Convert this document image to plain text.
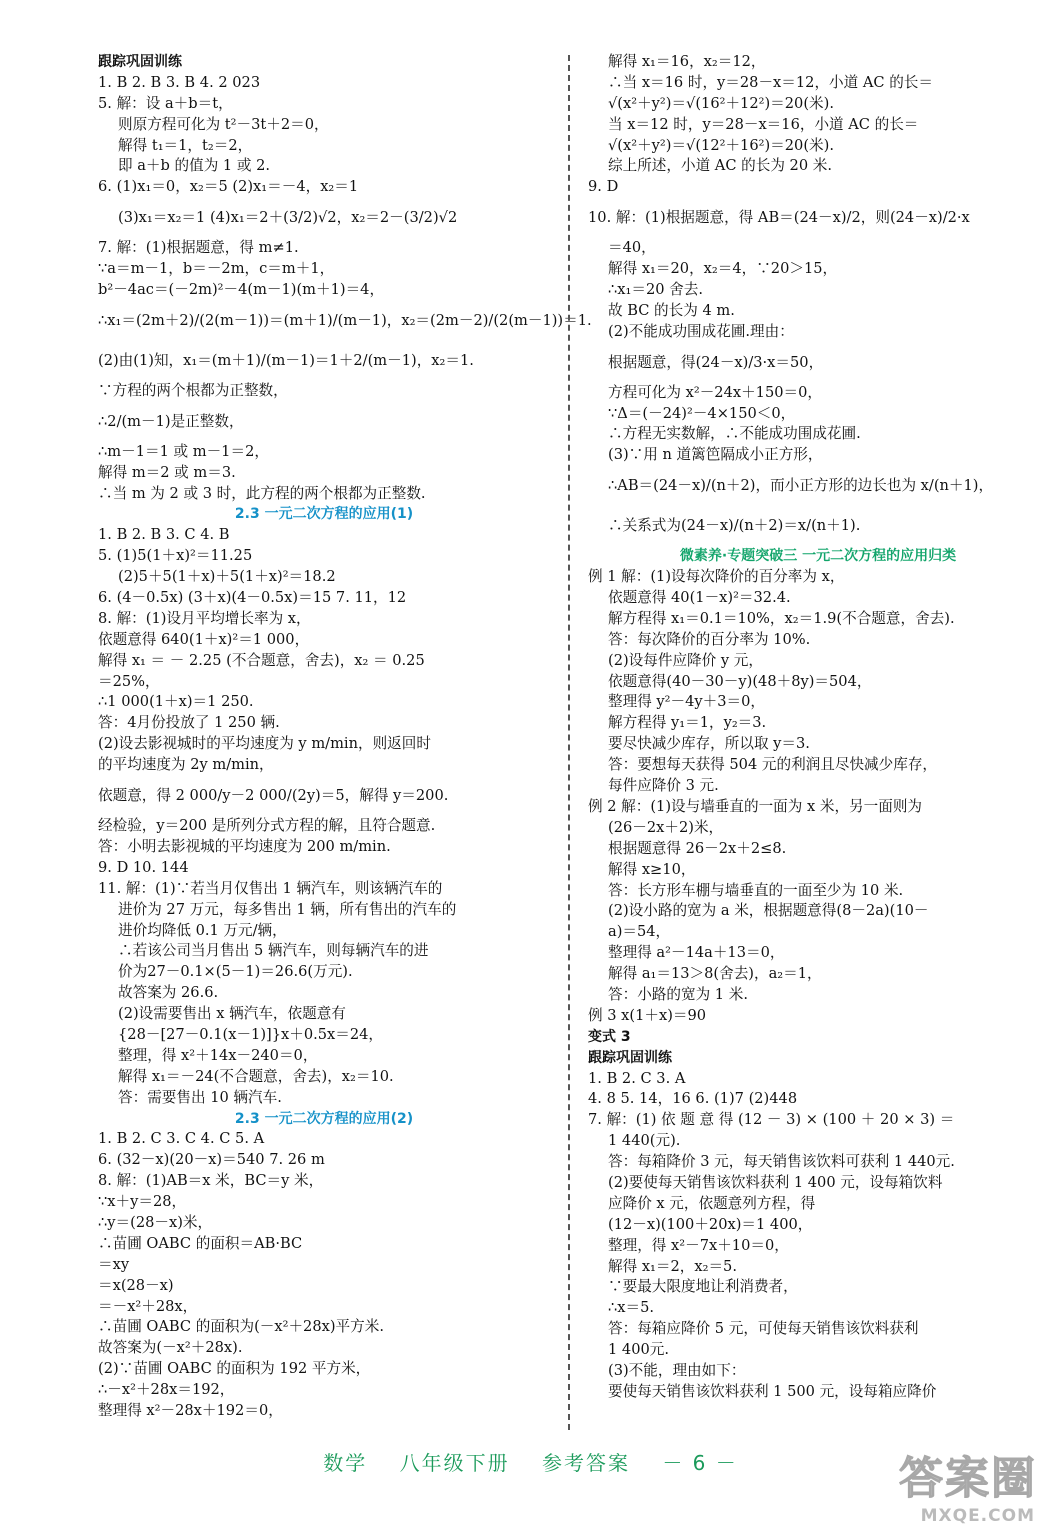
跟踪巩固训练
1. B 2. B 3. B 4. 2 023
5. 解：设 a＋b＝t，
则原方程可化为 t²－3t＋2＝0，
解得 t₁＝1，t₂＝2，
即 a＋b 的值为 1 或 2.
6. (1)x₁＝0，x₂＝5 (2)x₁＝－4，x₂＝1
(3)x₁＝x₂＝1 (4)x₁＝2＋(3/2)√2，x₂＝2－(3/2)√2
7. 解：(1)根据题意，得 m≠1.
∵a＝m－1，b＝－2m，c＝m＋1，
b²－4ac＝(－2m)²－4(m－1)(m＋1)＝4，
∴x₁＝(2m＋2)/(2(m－1))＝(m＋1)/(m－1)，x₂＝(2m－2)/(2(m－1))＝1.
(2)由(1)知，x₁＝(m＋1)/(m－1)＝1＋2/(m－1)，x₂＝1.
∵方程的两个根都为正整数，
∴2/(m－1)是正整数，
∴m－1＝1 或 m－1＝2，
解得 m＝2 或 m＝3.
∴当 m 为 2 或 3 时，此方程的两个根都为正整数.
2.3 一元二次方程的应用(1)
1. B 2. B 3. C 4. B
5. (1)5(1＋x)²＝11.25
(2)5＋5(1＋x)＋5(1＋x)²＝18.2
6. (4－0.5x) (3＋x)(4－0.5x)＝15 7. 11，12
8. 解：(1)设月平均增长率为 x，
依题意得 640(1＋x)²＝1 000，
解得 x₁ ＝ － 2.25 (不合题意，舍去)，x₂ ＝ 0.25
＝25%，
∴1 000(1＋x)＝1 250.
答：4月份投放了 1 250 辆.
(2)设去影视城时的平均速度为 y m/min，则返回时
的平均速度为 2y m/min，
依题意，得 2 000/y－2 000/(2y)＝5，解得 y＝200.
经检验，y＝200 是所列分式方程的解，且符合题意.
答：小明去影视城的平均速度为 200 m/min.
9. D 10. 144
11. 解：(1)∵若当月仅售出 1 辆汽车，则该辆汽车的
进价为 27 万元，每多售出 1 辆，所有售出的汽车的
进价均降低 0.1 万元/辆，
∴若该公司当月售出 5 辆汽车，则每辆汽车的进
价为27－0.1×(5－1)＝26.6(万元).
故答案为 26.6.
(2)设需要售出 x 辆汽车，依题意有
{28－[27－0.1(x－1)]}x＋0.5x＝24，
整理，得 x²＋14x－240＝0，
解得 x₁＝－24(不合题意，舍去)，x₂＝10.
答：需要售出 10 辆汽车.
2.3 一元二次方程的应用(2)
1. B 2. C 3. C 4. C 5. A
6. (32－x)(20－x)＝540 7. 26 m
8. 解：(1)AB＝x 米，BC＝y 米，
∵x＋y＝28，
∴y＝(28－x)米，
∴苗圃 OABC 的面积＝AB·BC
＝xy
＝x(28－x)
＝－x²＋28x，
∴苗圃 OABC 的面积为(－x²＋28x)平方米.
故答案为(－x²＋28x).
(2)∵苗圃 OABC 的面积为 192 平方米，
∴－x²＋28x＝192，
整理得 x²－28x＋192＝0，
解得 x₁＝16，x₂＝12，
∴当 x＝16 时，y＝28－x＝12，小道 AC 的长＝
√(x²＋y²)＝√(16²＋12²)＝20(米).
当 x＝12 时，y＝28－x＝16，小道 AC 的长＝
√(x²＋y²)＝√(12²＋16²)＝20(米).
综上所述，小道 AC 的长为 20 米.
9. D
10. 解：(1)根据题意，得 AB＝(24－x)/2，则(24－x)/2·x
＝40，
解得 x₁＝20，x₂＝4，∵20＞15，
∴x₁＝20 舍去.
故 BC 的长为 4 m.
(2)不能成功围成花圃.理由：
根据题意，得(24－x)/3·x＝50，
方程可化为 x²－24x＋150＝0，
∵Δ＝(－24)²－4×150＜0，
∴方程无实数解，∴不能成功围成花圃.
(3)∵用 n 道篱笆隔成小正方形，
∴AB＝(24－x)/(n＋2)，而小正方形的边长也为 x/(n＋1)，
∴关系式为(24－x)/(n＋2)＝x/(n＋1).
微素养·专题突破三 一元二次方程的应用归类
例 1 解：(1)设每次降价的百分率为 x，
依题意得 40(1－x)²＝32.4.
解方程得 x₁＝0.1＝10%，x₂＝1.9(不合题意，舍去).
答：每次降价的百分率为 10%.
(2)设每件应降价 y 元，
依题意得(40－30－y)(48＋8y)＝504，
整理得 y²－4y＋3＝0，
解方程得 y₁＝1，y₂＝3.
要尽快减少库存，所以取 y＝3.
答：要想每天获得 504 元的利润且尽快减少库存，
每件应降价 3 元.
例 2 解：(1)设与墙垂直的一面为 x 米，另一面则为
(26－2x＋2)米，
根据题意得 26－2x＋2≤8.
解得 x≥10，
答：长方形车棚与墙垂直的一面至少为 10 米.
(2)设小路的宽为 a 米，根据题意得(8－2a)(10－
a)＝54，
整理得 a²－14a＋13＝0，
解得 a₁＝13＞8(舍去)，a₂＝1，
答：小路的宽为 1 米.
例 3 x(1＋x)＝90
变式 3
跟踪巩固训练
1. B 2. C 3. A
4. 8 5. 14，16 6. (1)7 (2)448
7. 解：(1) 依 题 意 得 (12 － 3) × (100 ＋ 20 × 3) ＝
1 440(元).
答：每箱降价 3 元，每天销售该饮料可获利 1 440元.
(2)要使每天销售该饮料获利 1 400 元，设每箱饮料
应降价 x 元，依题意列方程，得
(12－x)(100＋20x)＝1 400，
整理，得 x²－7x＋10＝0，
解得 x₁＝2，x₂＝5.
∵要最大限度地让利消费者，
∴x＝5.
答：每箱应降价 5 元，可使每天销售该饮料获利
1 400元.
(3)不能，理由如下：
要使每天销售该饮料获利 1 500 元，设每箱应降价
数学 八年级下册 参考答案 － 6 －	答案圈
MXQE.COM
